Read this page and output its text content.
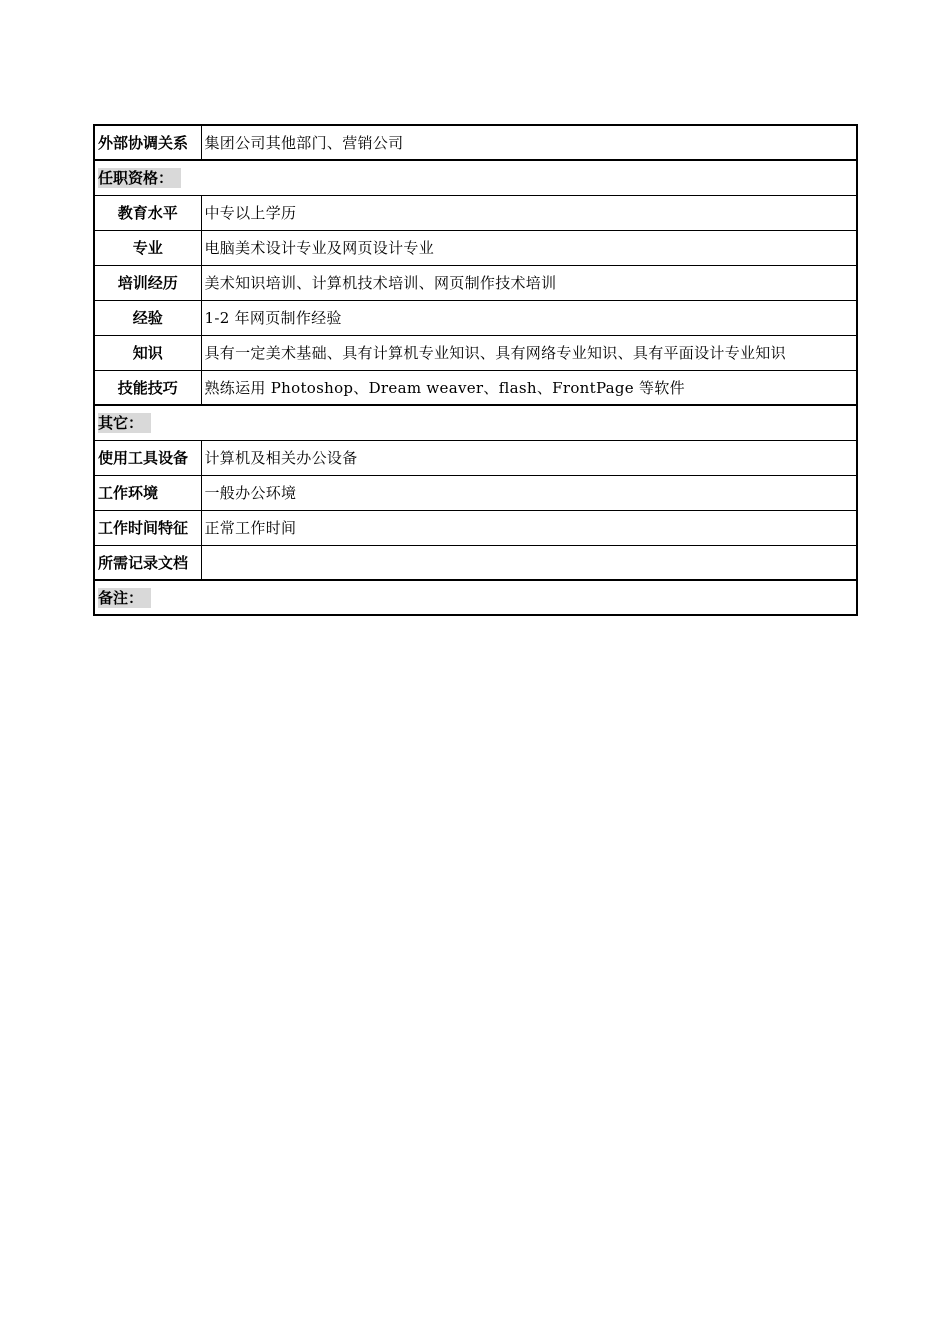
外部协调关系	集团公司其他部门、营销公司
任职资格：	
教育水平	中专以上学历
专业	电脑美术设计专业及网页设计专业
培训经历	美术知识培训、计算机技术培训、网页制作技术培训
经验	1-2 年网页制作经验
知识	具有一定美术基础、具有计算机专业知识、具有网络专业知识、具有平面设计专业知识
技能技巧	熟练运用 Photoshop、Dream weaver、flash、FrontPage 等软件
其它：	
使用工具设备	计算机及相关办公设备
工作环境	一般办公环境
工作时间特征	正常工作时间
所需记录文档	
备注：	
